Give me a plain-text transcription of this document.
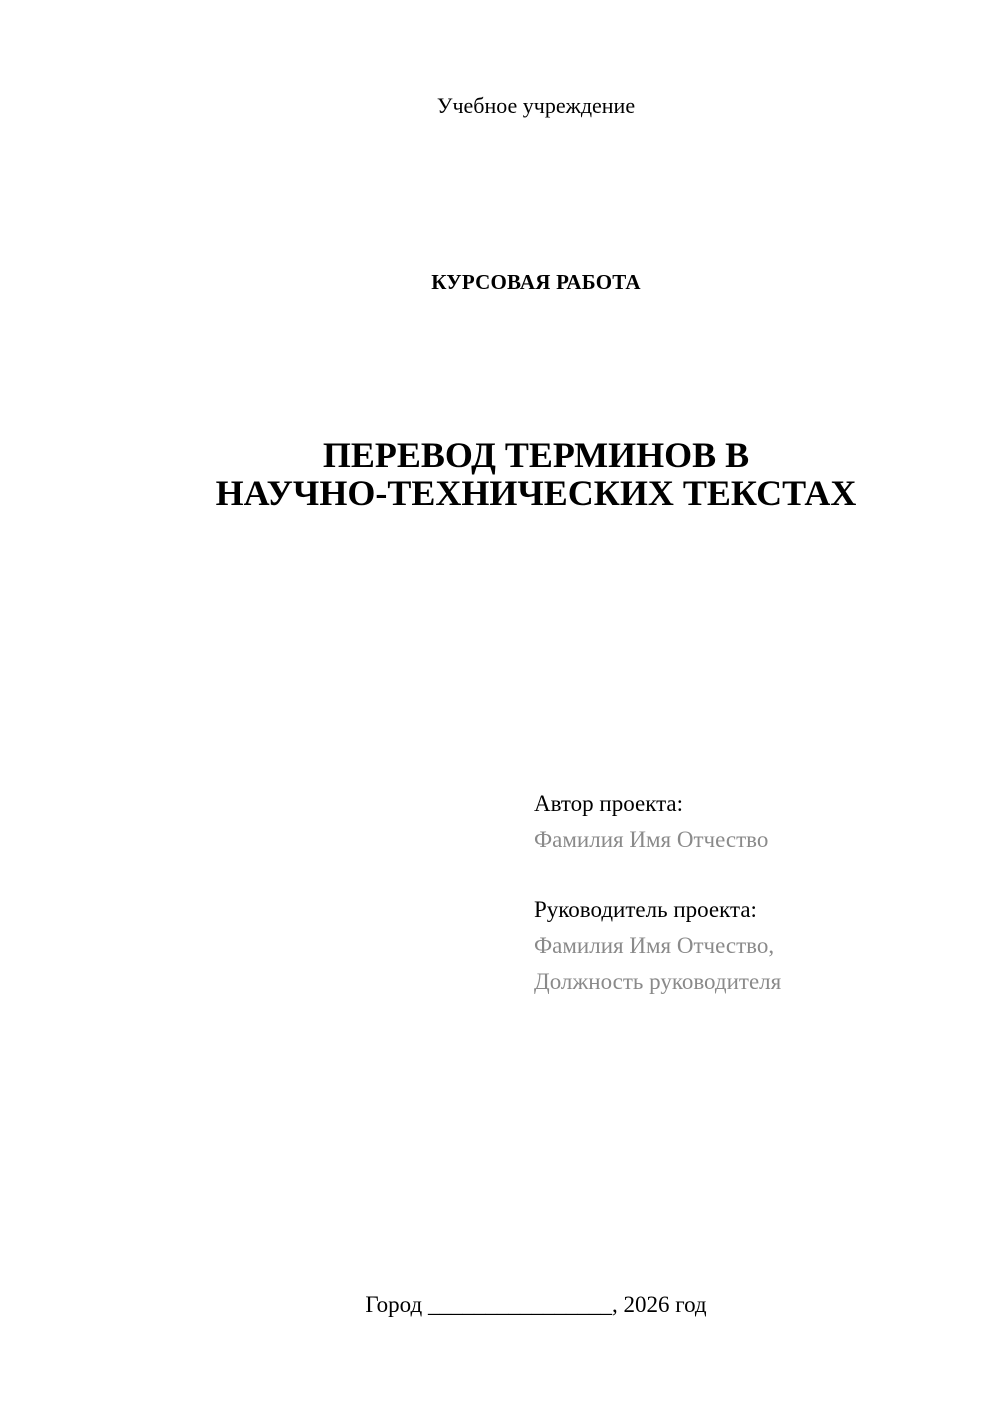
Учебное учреждение
КУРСОВАЯ РАБОТА
ПЕРЕВОД ТЕРМИНОВ В
НАУЧНО-ТЕХНИЧЕСКИХ ТЕКСТАХ
Автор проекта:
Фамилия Имя Отчество
Руководитель проекта:
Фамилия Имя Отчество,
Должность руководителя
Город ________________, 2026 год
